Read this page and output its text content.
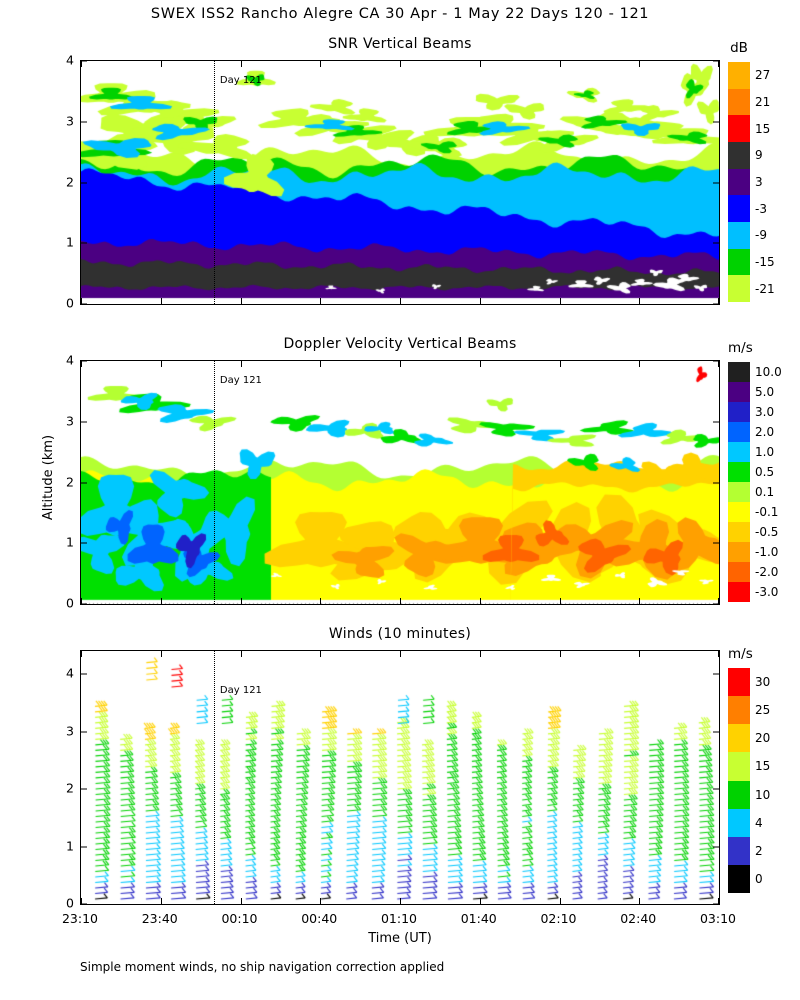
SWEX ISS2 Rancho Alegre CA 30 Apr - 1 May 22 Days 120 - 121
SNR Vertical Beams
Day 121
0
1
2
3
4
Doppler Velocity Vertical Beams
Day 121
Altitude (km)
0
1
2
3
4
Winds (10 minutes)
Day 121
Time (UT)
0
1
2
3
4
23:10	23:40	00:10	00:40	01:10	01:40	02:10	02:40	03:10
dB
27
21
15
9
3
-3
-9
-15
-21
m/s
10.0
5.0
3.0
2.0
1.0
0.5
0.1
-0.1
-0.5
-1.0
-2.0
-3.0
m/s
30
25
20
15
10
4
2
0
Simple moment winds, no ship navigation correction applied
